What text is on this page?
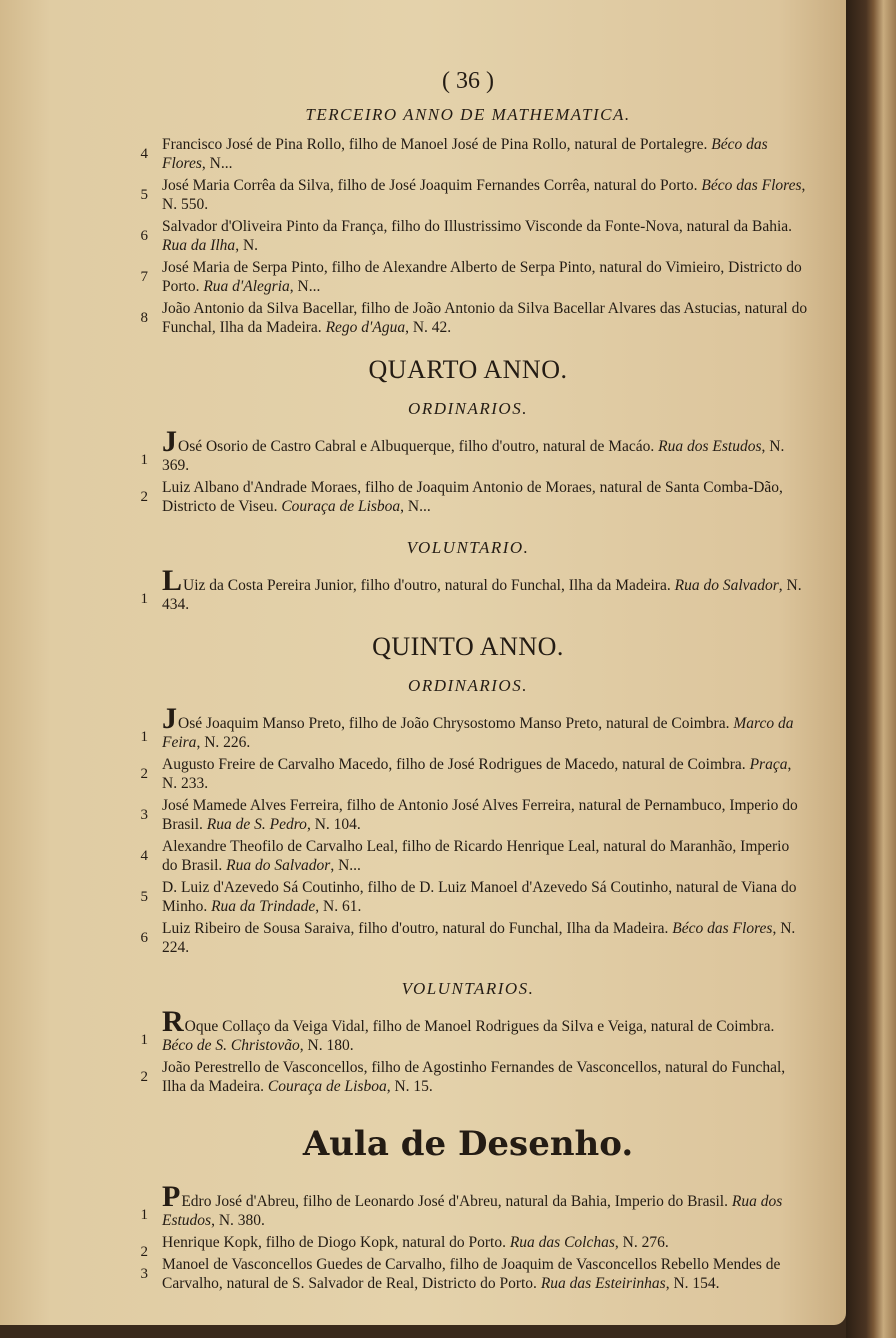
( 36 )
TERCEIRO ANNO DE MATHEMATICA.
4
Francisco José de Pina Rollo, filho de Manoel José de Pina Rollo, natural de Portalegre. Béco das Flores, N...
5
José Maria Corrêa da Silva, filho de José Joaquim Fernandes Corrêa, natural do Porto. Béco das Flores, N. 550.
6
Salvador d'Oliveira Pinto da França, filho do Illustrissimo Visconde da Fonte-Nova, natural da Bahia. Rua da Ilha, N.
7
José Maria de Serpa Pinto, filho de Alexandre Alberto de Serpa Pinto, natural do Vimieiro, Districto do Porto. Rua d'Alegria, N...
8
João Antonio da Silva Bacellar, filho de João Antonio da Silva Bacellar Alvares das Astucias, natural do Funchal, Ilha da Madeira. Rego d'Agua, N. 42.
QUARTO ANNO.
ORDINARIOS.
1
JOsé Osorio de Castro Cabral e Albuquerque, filho d'outro, natural de Macáo. Rua dos Estudos, N. 369.
2
Luiz Albano d'Andrade Moraes, filho de Joaquim Antonio de Moraes, natural de Santa Comba-Dão, Districto de Viseu. Couraça de Lisboa, N...
VOLUNTARIO.
1
LUiz da Costa Pereira Junior, filho d'outro, natural do Funchal, Ilha da Madeira. Rua do Salvador, N. 434.
QUINTO ANNO.
ORDINARIOS.
1
JOsé Joaquim Manso Preto, filho de João Chrysostomo Manso Preto, natural de Coimbra. Marco da Feira, N. 226.
2
Augusto Freire de Carvalho Macedo, filho de José Rodrigues de Macedo, natural de Coimbra. Praça, N. 233.
3
José Mamede Alves Ferreira, filho de Antonio José Alves Ferreira, natural de Pernambuco, Imperio do Brasil. Rua de S. Pedro, N. 104.
4
Alexandre Theofilo de Carvalho Leal, filho de Ricardo Henrique Leal, natural do Maranhão, Imperio do Brasil. Rua do Salvador, N...
5
D. Luiz d'Azevedo Sá Coutinho, filho de D. Luiz Manoel d'Azevedo Sá Coutinho, natural de Viana do Minho. Rua da Trindade, N. 61.
6
Luiz Ribeiro de Sousa Saraiva, filho d'outro, natural do Funchal, Ilha da Madeira. Béco das Flores, N. 224.
VOLUNTARIOS.
1
ROque Collaço da Veiga Vidal, filho de Manoel Rodrigues da Silva e Veiga, natural de Coimbra. Béco de S. Christovão, N. 180.
2
João Perestrello de Vasconcellos, filho de Agostinho Fernandes de Vasconcellos, natural do Funchal, Ilha da Madeira. Couraça de Lisboa, N. 15.
Aula de Desenho.
1
PEdro José d'Abreu, filho de Leonardo José d'Abreu, natural da Bahia, Imperio do Brasil. Rua dos Estudos, N. 380.
2
Henrique Kopk, filho de Diogo Kopk, natural do Porto. Rua das Colchas, N. 276.
3
Manoel de Vasconcellos Guedes de Carvalho, filho de Joaquim de Vasconcellos Rebello Mendes de Carvalho, natural de S. Salvador de Real, Districto do Porto. Rua das Esteirinhas, N. 154.
